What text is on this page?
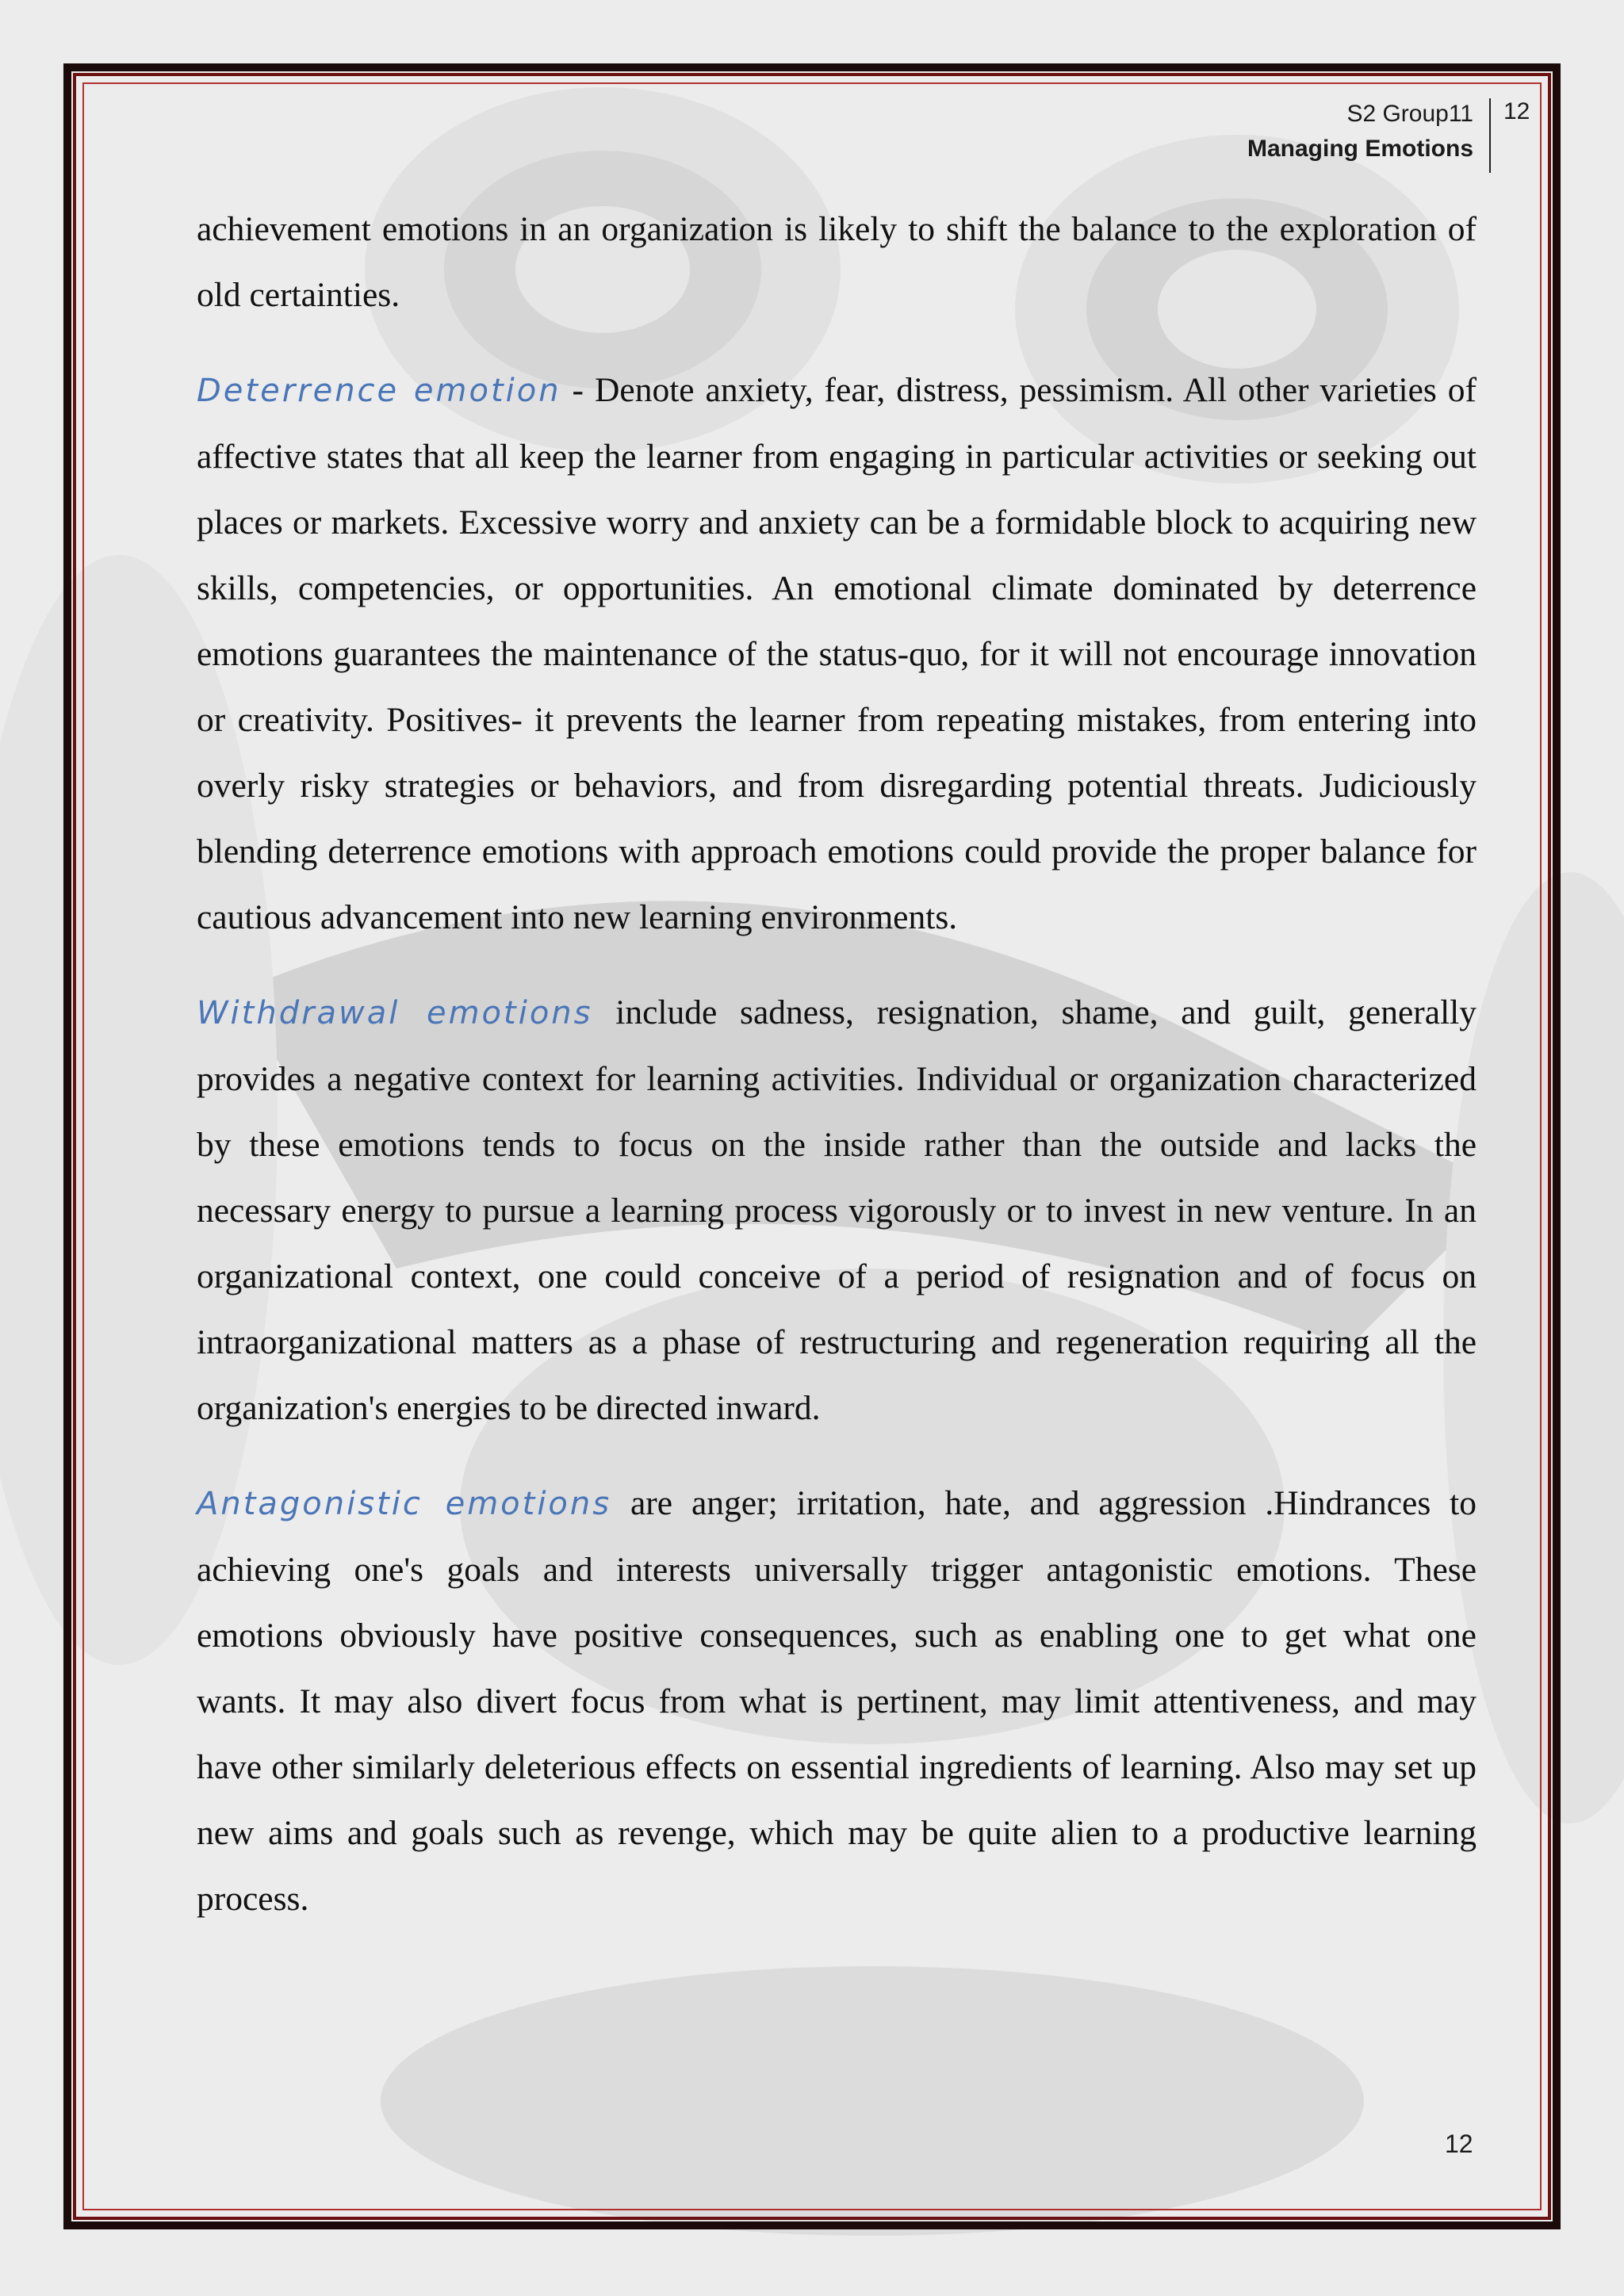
S2 Group11
Managing Emotions
12

achievement emotions in an organization is likely to shift the balance to the exploration of old certainties.

Deterrence emotion - Denote anxiety, fear, distress, pessimism. All other varieties of affective states that all keep the learner from engaging in particular activities or seeking out places or markets. Excessive worry and anxiety can be a formidable block to acquiring new skills, competencies, or opportunities. An emotional climate dominated by deterrence emotions guarantees the maintenance of the status-quo, for it will not encourage innovation or creativity. Positives- it prevents the learner from repeating mistakes, from entering into overly risky strategies or behaviors, and from disregarding potential threats. Judiciously blending deterrence emotions with approach emotions could provide the proper balance for cautious advancement into new learning environments.

Withdrawal emotions include sadness, resignation, shame, and guilt, generally provides a negative context for learning activities. Individual or organization characterized by these emotions tends to focus on the inside rather than the outside and lacks the necessary energy to pursue a learning process vigorously or to invest in new venture. In an organizational context, one could conceive of a period of resignation and of focus on intraorganizational matters as a phase of restructuring and regeneration requiring all the organization's energies to be directed inward.

Antagonistic emotions are anger; irritation, hate, and aggression .Hindrances to achieving one's goals and interests universally trigger antagonistic emotions. These emotions obviously have positive consequences, such as enabling one to get what one wants. It may also divert focus from what is pertinent, may limit attentiveness, and may have other similarly deleterious effects on essential ingredients of learning. Also may set up new aims and goals such as revenge, which may be quite alien to a productive learning process.

12
